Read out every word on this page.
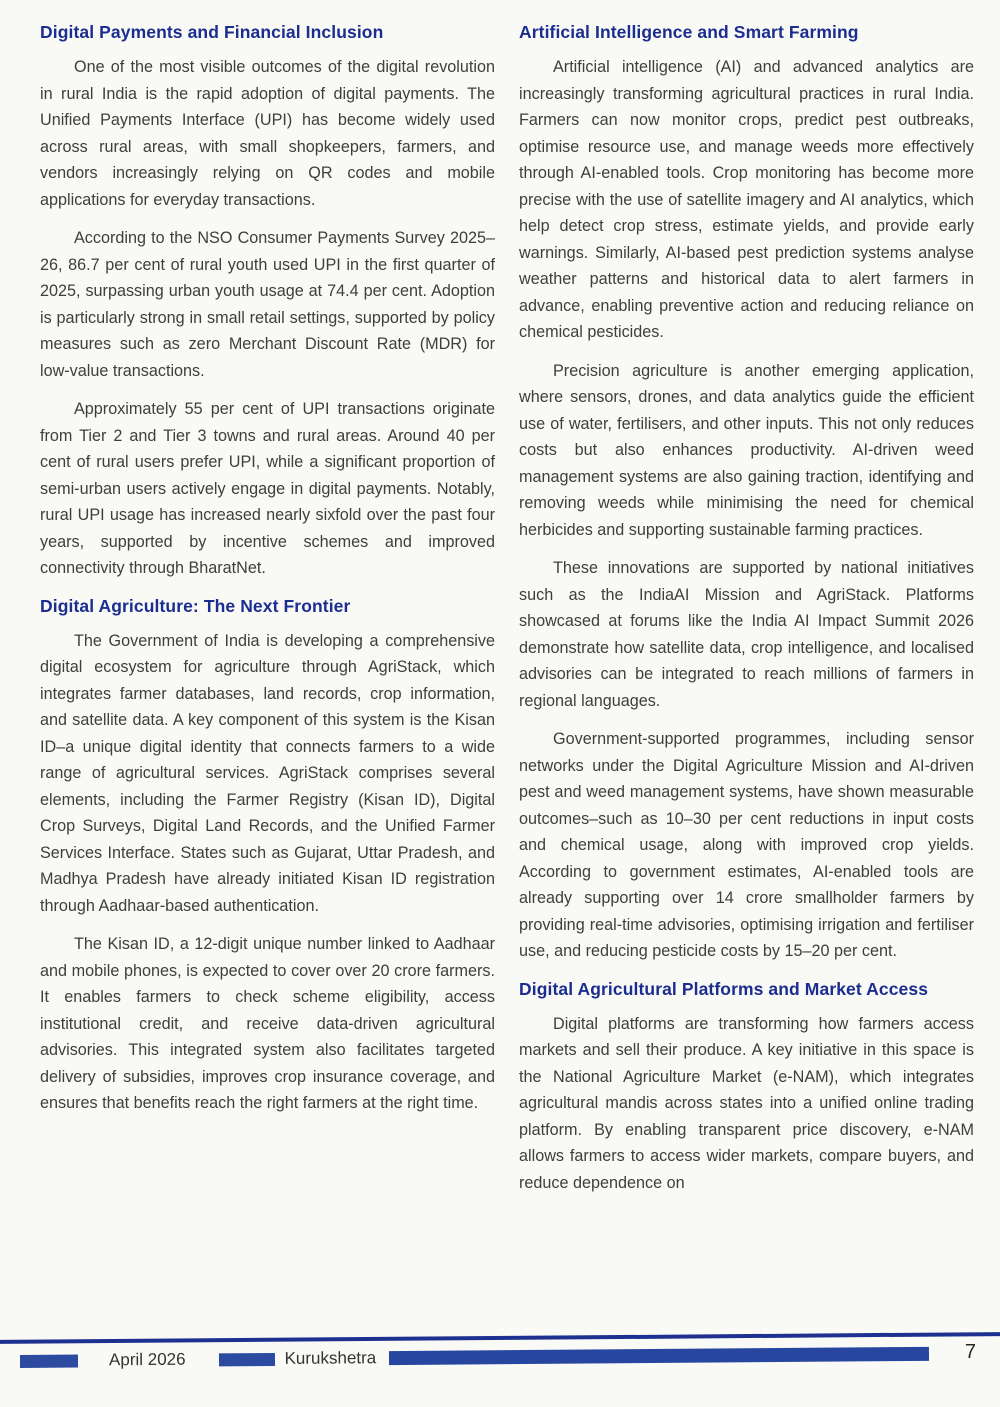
Digital Payments and Financial Inclusion

One of the most visible outcomes of the digital revolution in rural India is the rapid adoption of digital payments. The Unified Payments Interface (UPI) has become widely used across rural areas, with small shopkeepers, farmers, and vendors increasingly relying on QR codes and mobile applications for everyday transactions.

According to the NSO Consumer Payments Survey 2025–26, 86.7 per cent of rural youth used UPI in the first quarter of 2025, surpassing urban youth usage at 74.4 per cent. Adoption is particularly strong in small retail settings, supported by policy measures such as zero Merchant Discount Rate (MDR) for low-value transactions.

Approximately 55 per cent of UPI transactions originate from Tier 2 and Tier 3 towns and rural areas. Around 40 per cent of rural users prefer UPI, while a significant proportion of semi-urban users actively engage in digital payments. Notably, rural UPI usage has increased nearly sixfold over the past four years, supported by incentive schemes and improved connectivity through BharatNet.

Digital Agriculture: The Next Frontier

The Government of India is developing a comprehensive digital ecosystem for agriculture through AgriStack, which integrates farmer databases, land records, crop information, and satellite data. A key component of this system is the Kisan ID–a unique digital identity that connects farmers to a wide range of agricultural services. AgriStack comprises several elements, including the Farmer Registry (Kisan ID), Digital Crop Surveys, Digital Land Records, and the Unified Farmer Services Interface. States such as Gujarat, Uttar Pradesh, and Madhya Pradesh have already initiated Kisan ID registration through Aadhaar-based authentication.

The Kisan ID, a 12-digit unique number linked to Aadhaar and mobile phones, is expected to cover over 20 crore farmers. It enables farmers to check scheme eligibility, access institutional credit, and receive data-driven agricultural advisories. This integrated system also facilitates targeted delivery of subsidies, improves crop insurance coverage, and ensures that benefits reach the right farmers at the right time.

Artificial Intelligence and Smart Farming

Artificial intelligence (AI) and advanced analytics are increasingly transforming agricultural practices in rural India. Farmers can now monitor crops, predict pest outbreaks, optimise resource use, and manage weeds more effectively through AI-enabled tools. Crop monitoring has become more precise with the use of satellite imagery and AI analytics, which help detect crop stress, estimate yields, and provide early warnings. Similarly, AI-based pest prediction systems analyse weather patterns and historical data to alert farmers in advance, enabling preventive action and reducing reliance on chemical pesticides.

Precision agriculture is another emerging application, where sensors, drones, and data analytics guide the efficient use of water, fertilisers, and other inputs. This not only reduces costs but also enhances productivity. AI-driven weed management systems are also gaining traction, identifying and removing weeds while minimising the need for chemical herbicides and supporting sustainable farming practices.

These innovations are supported by national initiatives such as the IndiaAI Mission and AgriStack. Platforms showcased at forums like the India AI Impact Summit 2026 demonstrate how satellite data, crop intelligence, and localised advisories can be integrated to reach millions of farmers in regional languages.

Government-supported programmes, including sensor networks under the Digital Agriculture Mission and AI-driven pest and weed management systems, have shown measurable outcomes–such as 10–30 per cent reductions in input costs and chemical usage, along with improved crop yields. According to government estimates, AI-enabled tools are already supporting over 14 crore smallholder farmers by providing real-time advisories, optimising irrigation and fertiliser use, and reducing pesticide costs by 15–20 per cent.

Digital Agricultural Platforms and Market Access

Digital platforms are transforming how farmers access markets and sell their produce. A key initiative in this space is the National Agriculture Market (e-NAM), which integrates agricultural mandis across states into a unified online trading platform. By enabling transparent price discovery, e-NAM allows farmers to access wider markets, compare buyers, and reduce dependence on

7
April 2026	Kurukshetra
